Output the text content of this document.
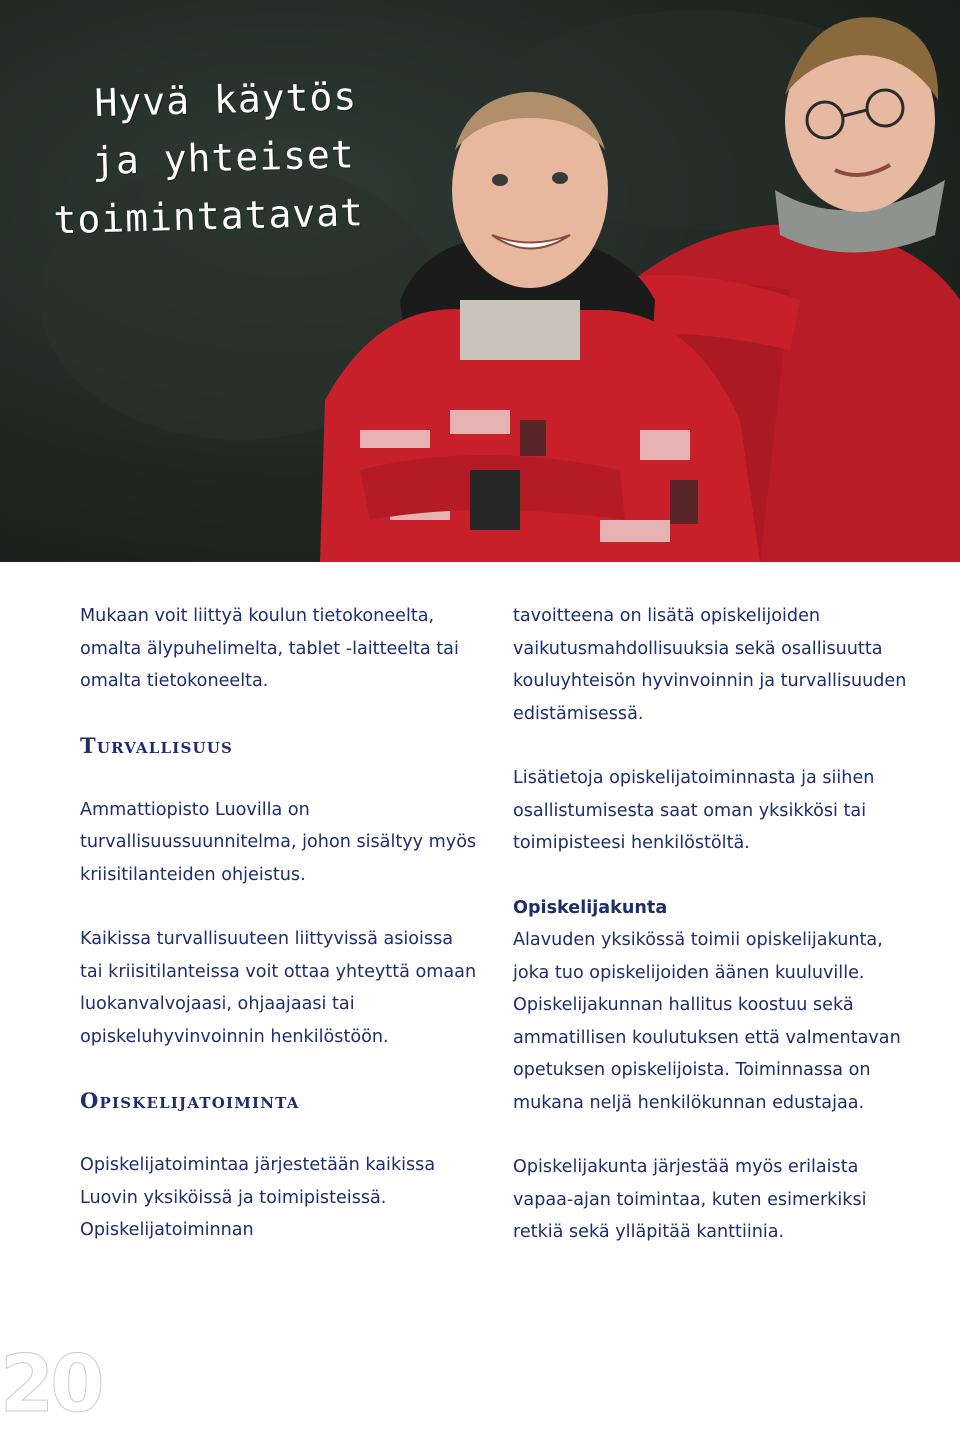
Hyvä käytös
ja yhteiset
toimintatavat

Mukaan voit liittyä koulun tietokoneelta, omalta älypuhelimelta, tablet -laitteelta tai omalta tietokoneelta.

Turvallisuus

Ammattiopisto Luovilla on turvallisuussuunnitelma, johon sisältyy myös kriisitilanteiden ohjeistus.

Kaikissa turvallisuuteen liittyvissä asioissa tai kriisitilanteissa voit ottaa yhteyttä omaan luokanvalvojaasi, ohjaajaasi tai opiskeluhyvinvoinnin henkilöstöön.

Opiskelijatoiminta

Opiskelijatoimintaa järjestetään kaikissa Luovin yksiköissä ja toimipisteissä. Opiskelijatoiminnan

tavoitteena on lisätä opiskelijoiden vaikutusmahdollisuuksia sekä osallisuutta kouluyhteisön hyvinvoinnin ja turvallisuuden edistämisessä.

Lisätietoja opiskelijatoiminnasta ja siihen osallistumisesta saat oman yksikkösi tai toimipisteesi henkilöstöltä.

Opiskelijakunta
Alavuden yksikössä toimii opiskelijakunta, joka tuo opiskelijoiden äänen kuuluville. Opiskelijakunnan hallitus koostuu sekä ammatillisen koulutuksen että valmentavan opetuksen opiskelijoista. Toiminnassa on mukana neljä henkilökunnan edustajaa.

Opiskelijakunta järjestää myös erilaista vapaa-ajan toimintaa, kuten esimerkiksi retkiä sekä ylläpitää kanttiinia.

20
